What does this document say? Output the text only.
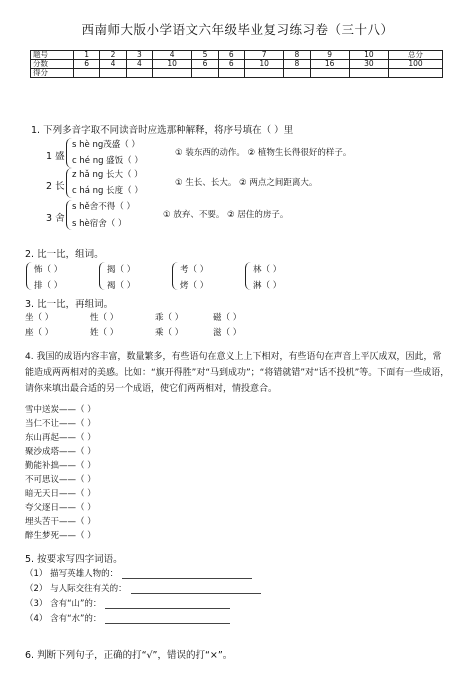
西南师大版小学语文六年级毕业复习练习卷（三十八）
题号	1	2	3	4	5	6	7	8	9	10	总分
分数	6	4	4	10	6	6	10	8	16	30	100
得分											
1. 下列多音字取不同读音时应选那种解释，将序号填在（ ）里
1 盛
s hè ng茂盛（ ）
c hé ng 盛饭（ ）
① 装东西的动作。 ② 植物生长得很好的样子。
2 长
z hǎ ng 长大（ ）
c há ng 长度（ ）
① 生长、长大。 ② 两点之间距离大。
3 舍
s hě舍不得（ ）
s hè宿舍（ ）
① 放弃、不要。 ② 居住的房子。
2. 比一比，组词。
怖（ ）
排（ ）
揭（ ）
褐（ ）
考（ ）
烤（ ）
林（ ）
淋（ ）
3. 比一比，再组词。
坐（ ）	性（ ）	乖（ ）	磁（ ）
座（ ）	姓（ ）	乘（ ）	滋（ ）
4. 我国的成语内容丰富，数量繁多，有些语句在意义上上下相对，有些语句在声音上平仄成双，因此，常能造成两两相对的美感。比如：“旗开得胜”对“马到成功”；“将错就错”对“话不投机”等。下面有一些成语，请你来填出最合适的另一个成语，使它们两两相对，情投意合。
雪中送炭——（ ）
当仁不让——（ ）
东山再起——（ ）
聚沙成塔——（ ）
勤能补拙——（ ）
不可思议——（ ）
暗无天日——（ ）
夸父逐日——（ ）
埋头苦干——（ ）
醉生梦死——（ ）
5. 按要求写四字词语。
（1） 描写英雄人物的：
（2） 与人际交往有关的：
（3） 含有“山”的：
（4） 含有“水”的：
6. 判断下列句子，正确的打“√”，错误的打“×”。
